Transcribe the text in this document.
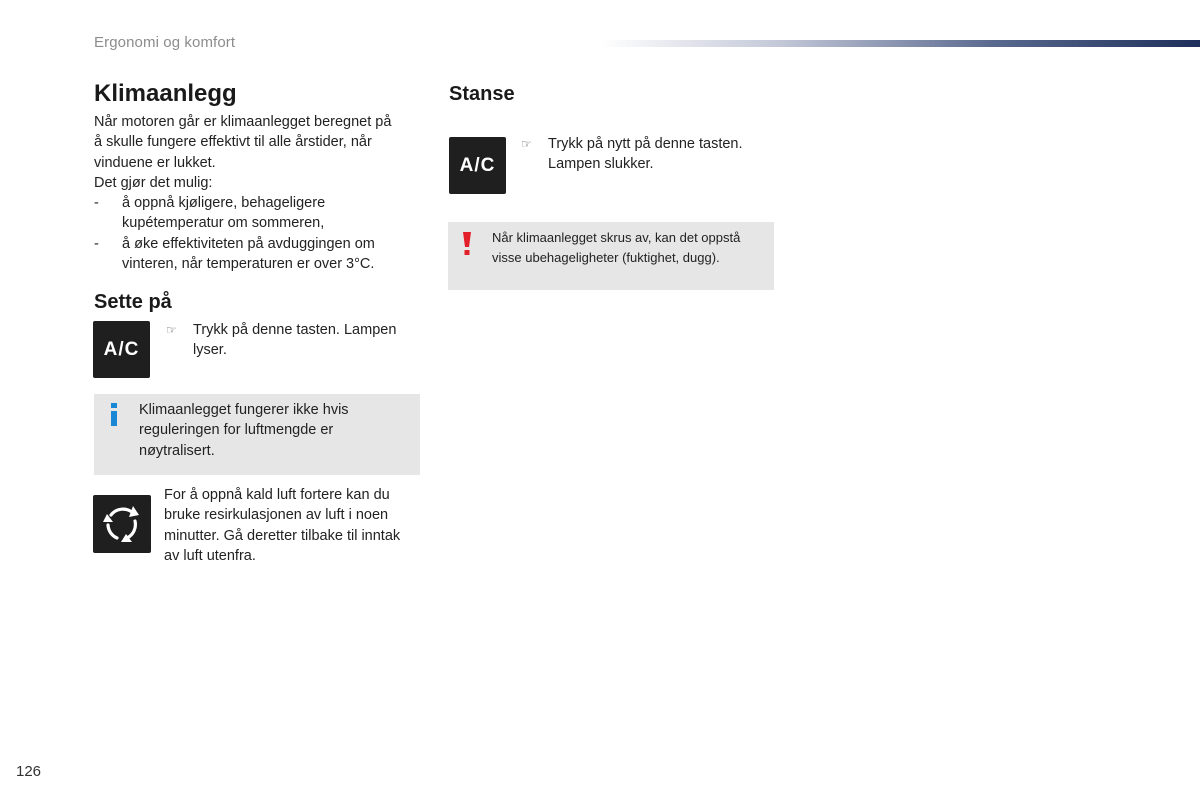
Ergonomi og komfort
Klimaanlegg

Når motoren går er klimaanlegget beregnet på

å skulle fungere effektivt til alle årstider, når

vinduene er lukket.

Det gjør det mulig:

- å oppnå kjøligere, behageligere

kupétemperatur om sommeren,

- å øke effektiviteten på avduggingen om

vinteren, når temperaturen er over 3°C.

Sette på
A/C
☞ Trykk på denne tasten. Lampen
lyser.
Klimaanlegget fungerer ikke hvis
reguleringen for luftmengde er
nøytralisert.

For å oppnå kald luft fortere kan du

bruke resirkulasjonen av luft i noen

minutter. Gå deretter tilbake til inntak

av luft utenfra.

Stanse
A/C
☞ Trykk på nytt på denne tasten.
Lampen slukker.
Når klimaanlegget skrus av, kan det oppstå
visse ubehageligheter (fuktighet, dugg).
126
